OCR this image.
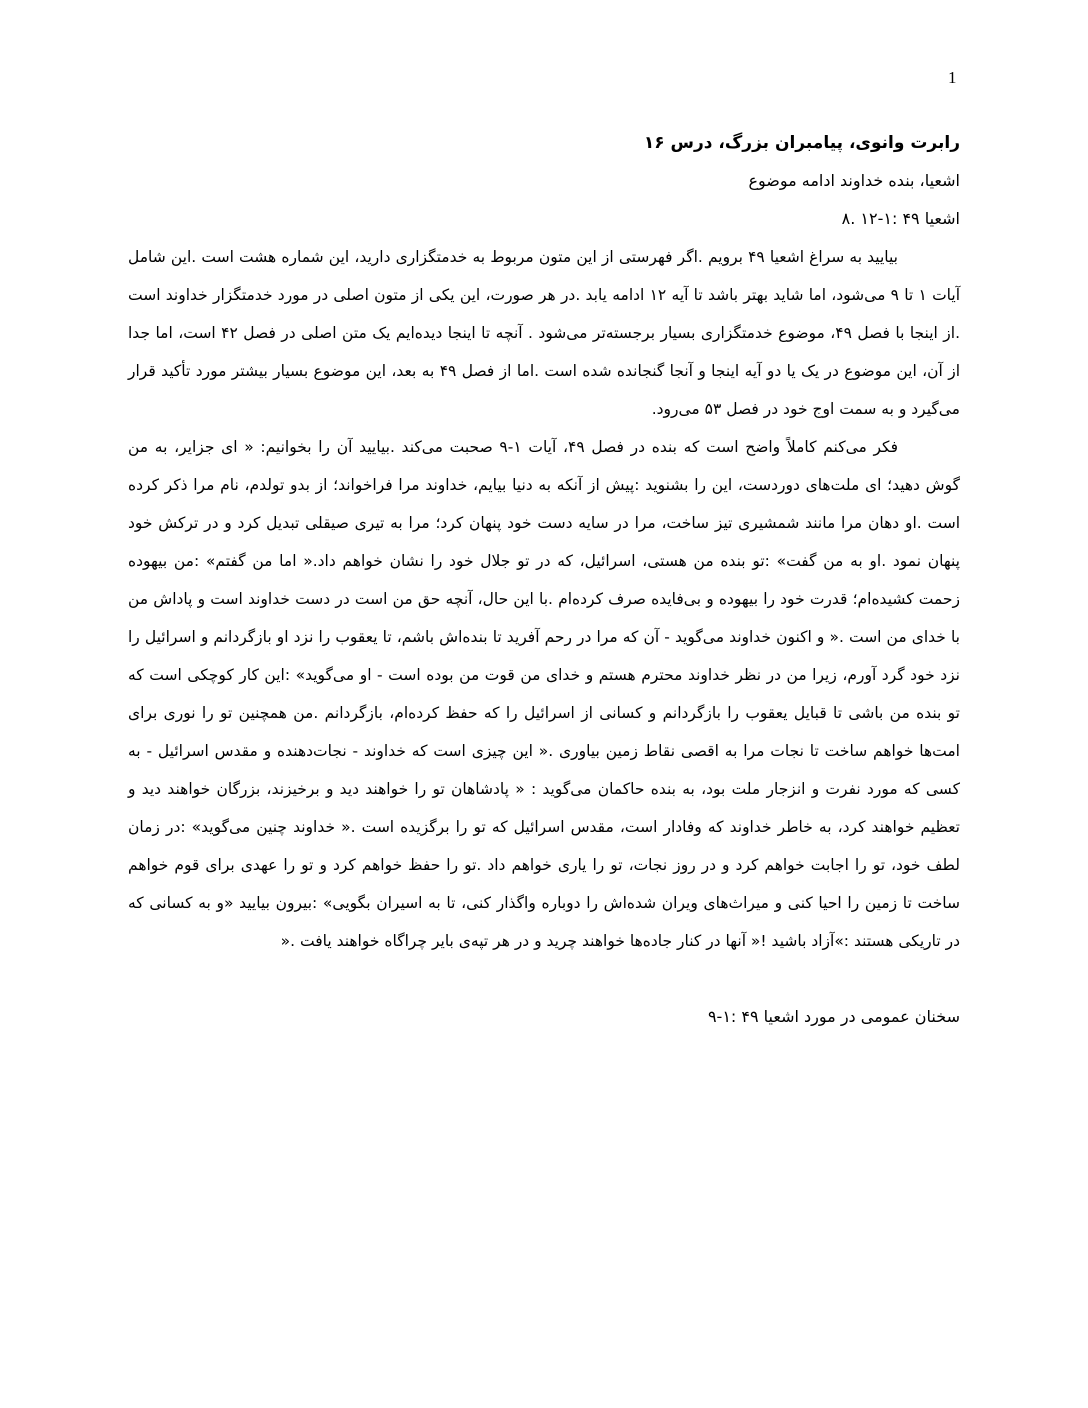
1

رابرت وانوی، پیامبران بزرگ، درس ۱۶

اشعیا، بنده خداوند ادامه موضوع

اشعیا ۴۹ :۱-۱۲ .۸

بیایید به سراغ اشعیا ۴۹ برویم .اگر فهرستی از این متون مربوط به خدمتگزاری دارید، این شماره هشت است .این شامل آیات ۱ تا ۹ می‌شود، اما شاید بهتر باشد تا آیه ۱۲ ادامه یابد .در هر صورت، این یکی از متون اصلی در مورد خدمتگزار خداوند است .از اینجا با فصل ۴۹، موضوع خدمتگزاری بسیار برجسته‌تر می‌شود . آنچه تا اینجا دیده‌ایم یک متن اصلی در فصل ۴۲ است، اما جدا از آن، این موضوع در یک یا دو آیه اینجا و آنجا گنجانده شده است .اما از فصل ۴۹ به بعد، این موضوع بسیار بیشتر مورد تأکید قرار می‌گیرد و به سمت اوج خود در فصل ۵۳ می‌رود.

فکر می‌کنم کاملاً واضح است که بنده در فصل ۴۹، آیات ۱-۹ صحبت می‌کند .بیایید آن را بخوانیم: « ای جزایر، به من گوش دهید؛ ای ملت‌های دوردست، این را بشنوید :پیش از آنکه به دنیا بیایم، خداوند مرا فراخواند؛ از بدو تولدم، نام مرا ذکر کرده است .او دهان مرا مانند شمشیری تیز ساخت، مرا در سایه دست خود پنهان کرد؛ مرا به تیری صیقلی تبدیل کرد و در ترکش خود پنهان نمود .او به من گفت» :تو بنده من هستی، اسرائیل، که در تو جلال خود را نشان خواهم داد.« اما من گفتم» :من بیهوده زحمت کشیده‌ام؛ قدرت خود را بیهوده و بی‌فایده صرف کرده‌ام .با این حال، آنچه حق من است در دست خداوند است و پاداش من با خدای من است .« و اکنون خداوند می‌گوید - آن که مرا در رحم آفرید تا بنده‌اش باشم، تا یعقوب را نزد او بازگردانم و اسرائیل را نزد خود گرد آورم، زیرا من در نظر خداوند محترم هستم و خدای من قوت من بوده است - او می‌گوید» :این کار کوچکی است که تو بنده من باشی تا قبایل یعقوب را بازگردانم و کسانی از اسرائیل را که حفظ کرده‌ام، بازگردانم .من همچنین تو را نوری برای امت‌ها خواهم ساخت تا نجات مرا به اقصی نقاط زمین بیاوری .« این چیزی است که خداوند - نجات‌دهنده و مقدس اسرائیل - به کسی که مورد نفرت و انزجار ملت بود، به بنده حاکمان می‌گوید : « پادشاهان تو را خواهند دید و برخیزند، بزرگان خواهند دید و تعظیم خواهند کرد، به خاطر خداوند که وفادار است، مقدس اسرائیل که تو را برگزیده است .« خداوند چنین می‌گوید» :در زمان لطف خود، تو را اجابت خواهم کرد و در روز نجات، تو را یاری خواهم داد .تو را حفظ خواهم کرد و تو را عهدی برای قوم خواهم ساخت تا زمین را احیا کنی و میراث‌های ویران شده‌اش را دوباره واگذار کنی، تا به اسیران بگویی» :بیرون بیایید «و به کسانی که در تاریکی هستند :»آزاد باشید !« آنها در کنار جاده‌ها خواهند چرید و در هر تپه‌ی بایر چراگاه خواهند یافت .«

سخنان عمومی در مورد اشعیا ۴۹ :۱-۹
